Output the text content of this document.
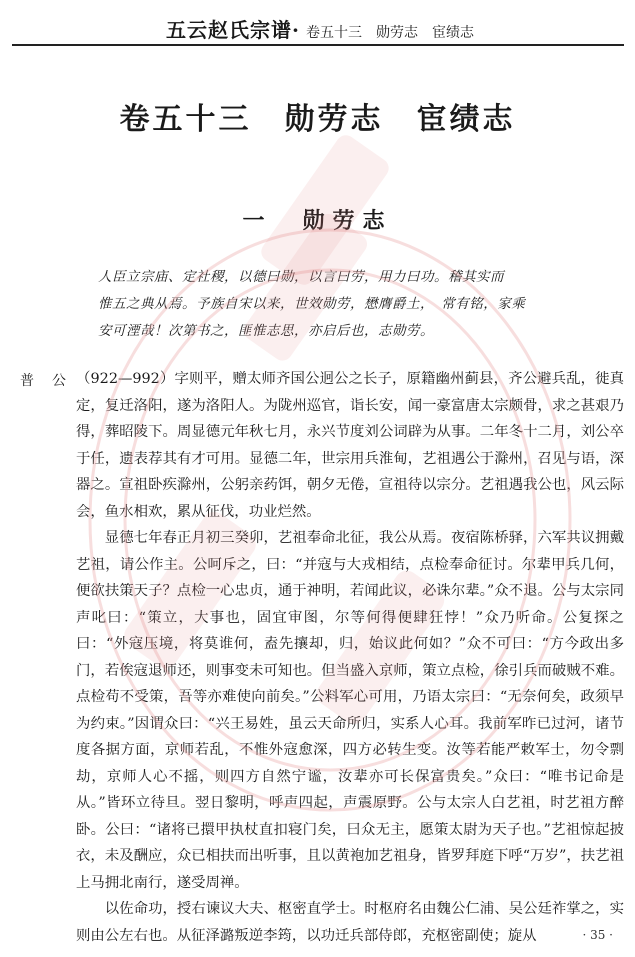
五云赵氏宗谱· 卷五十三　勋劳志　宦绩志
卷五十三　勋劳志　宦绩志
一　勋劳志

人臣立宗庙、定社稷，以德曰勋，以言曰劳，用力曰功。稽其实而

惟五之典从焉。予族自宋以来，世效勋劳，懋膺爵土，　常有铭，家乘

安可湮哉！次第书之，匪惟志思，亦启后也，志勋劳。

普公

（922—992）字则平，赠太师齐国公迥公之长子，原籍幽州蓟县，齐公避兵乱，徙真定，复迁洛阳，遂为洛阳人。为陇州巡官，诣长安，闻一豪富唐太宗颇骨，求之甚艰乃得，葬昭陵下。周显德元年秋七月，永兴节度刘公词辟为从事。二年冬十二月，刘公卒于任，遗表荐其有才可用。显德二年，世宗用兵淮甸，艺祖遇公于滁州，召见与语，深器之。宣祖卧疾滁州，公躬亲药饵，朝夕无倦，宣祖待以宗分。艺祖遇我公也，风云际会，鱼水相欢，累从征伐，功业烂然。

显德七年春正月初三癸卯，艺祖奉命北征，我公从焉。夜宿陈桥驿，六军共议拥戴艺祖，请公作主。公呵斥之，曰：“并寇与大戎相结，点检奉命征讨。尔辈甲兵几何，便欲扶策天子？点检一心忠贞，通于神明，若闻此议，必诛尔辈。”众不退。公与太宗同声叱曰：“策立，大事也，固宜审图，尔等何得便肆狂悖！”众乃听命。公复探之曰：“外寇压境，将莫谁何，盍先攘却，归，始议此何如？”众不可曰：“方今政出多门，若俟寇退师还，则事变未可知也。但当盛入京师，策立点检，徐引兵而破贼不难。点检苟不受策，吾等亦难使向前矣。”公料军心可用，乃语太宗曰：“无奈何矣，政须早为约束。”因谓众曰：“兴王易姓，虽云天命所归，实系人心耳。我前军昨已过河，诸节度各据方面，京师若乱，不惟外寇愈深，四方必转生变。汝等若能严敕军士，勿令剽劫，京师人心不摇，则四方自然宁谧，汝辈亦可长保富贵矣。”众曰：“唯书记命是从。”皆环立待旦。翌日黎明，呼声四起，声震原野。公与太宗人白艺祖，时艺祖方醉卧。公曰：“诸将已擐甲执杖直扣寝门矣，曰众无主，愿策太尉为天子也。”艺祖惊起披衣，未及酬应，众已相扶而出听事，且以黄袍加艺祖身，皆罗拜庭下呼“万岁”，扶艺祖上马拥北南行，遂受周禅。

以佐命功，授右谏议大夫、枢密直学士。时枢府名由魏公仁浦、吴公廷祚掌之，实则由公左右也。从征泽潞叛逆李筠，以功迁兵部侍郎，充枢密副使；旋从	· 35 ·
